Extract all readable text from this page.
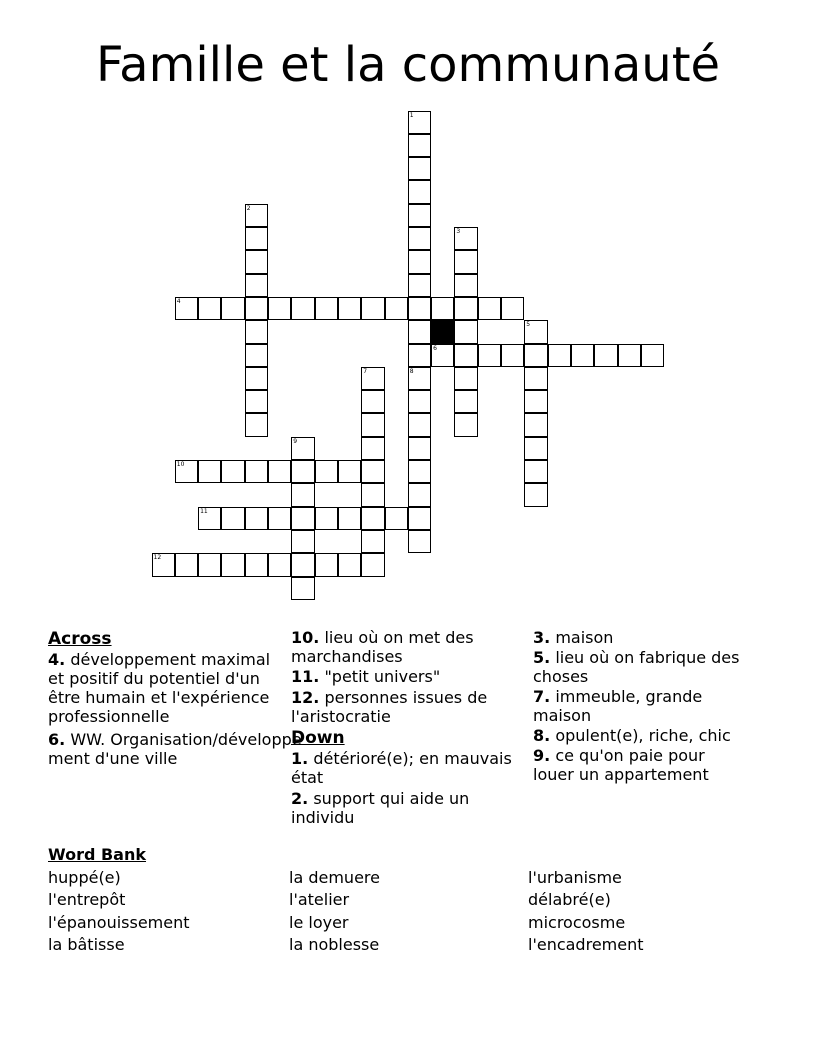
Famille et la communauté
1
2
3
4
5
6
7	8
9
10
11
12
Across
4. développement maximal et positif du potentiel d'un être humain et l'expérience professionnelle
6. WW. Organisation/développement d'une ville
10. lieu où on met des marchandises
11. "petit univers"
12. personnes issues de l'aristocratie
Down
1. détérioré(e); en mauvais état
2. support qui aide un individu
3. maison
5. lieu où on fabrique des choses
7. immeuble, grande maison
8. opulent(e), riche, chic
9. ce qu'on paie pour louer un appartement
Word Bank
huppé(e)	la demuere	l'urbanisme
l'entrepôt	l'atelier	délabré(e)
l'épanouissement	le loyer	microcosme
la bâtisse	la noblesse	l'encadrement
